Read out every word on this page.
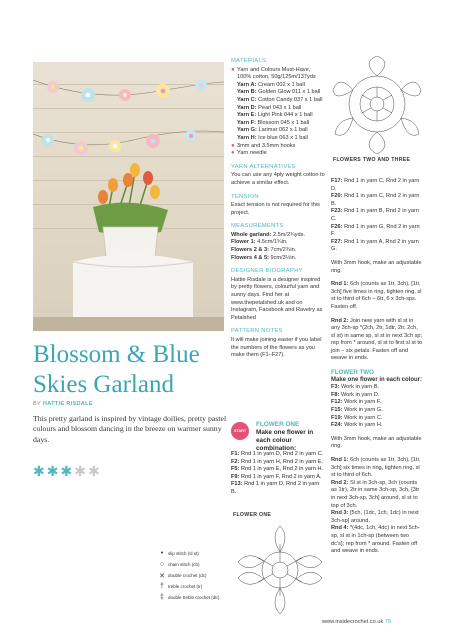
Blossom & Blue Skies Garland
BY HATTIE RISDALE
This pretty garland is inspired by vintage doilies, pretty pastel colours and blossom dancing in the breeze on warmer sunny days.
✱✱✱✱✱
•	slip stitch (sl st)
○ chain stitch (ch)
✕ double crochet (dc)
† treble crochet (tr)
‡ double treble crochet (dtr)
MATERIALS
● Yarn and Colours Must-Have, 100% cotton, 50g/125m/137yds
Yarn A: Cream 002 x 1 ball
Yarn B: Golden Glow 011 x 1 ball
Yarn C: Cotton Candy 037 x 1 ball
Yarn D: Pearl 043 x 1 ball
Yarn E: Light Pink 044 x 1 ball
Yarn F: Blossom 045 x 1 ball
Yarn G: Larimar 062 x 1 ball
Yarn H: Ice blue 063 x 1 ball
● 3mm and 3.5mm hooks
● Yarn needle
YARN ALTERNATIVES

You can use any 4ply weight cotton to achieve a similar effect.

TENSION

Exact tension is not required for this project.

MEASUREMENTS
Whole garland: 2.5m/2¾yds.
Flower 1: 4.5cm/1¾in.
Flowers 2 & 3: 7cm/2¾in.
Flowers 4 & 5: 9cm/3½in.
DESIGNER BIOGRAPHY

Hattie Risdale is a designer inspired by pretty flowers, colourful yarn and sunny days. Find her at www.thepetalshed.uk and on Instagram, Facebook and Ravelry as Petalshed

PATTERN NOTES

It will make joining easier if you label the numbers of the flowers as you make them (F1–F27).

START
FLOWER ONE
Make one flower in each colour combination:
F1: Rnd 1 in yarn D, Rnd 2 in yarn C.
F2: Rnd 1 in yarn H, Rnd 2 in yarn E.
F5: Rnd 1 in yarn E, Rnd 2 in yarn H.
F9: Rnd 1 in yarn F, Rnd 2 in yarn A.
F13: Rnd 1 in yarn D, Rnd 2 in yarn B.
FLOWER ONE
FLOWERS TWO AND THREE
F17: Rnd 1 in yarn C, Rnd 2 in yarn D.
F20: Rnd 1 in yarn C, Rnd 2 in yarn B.
F23: Rnd 1 in yarn B, Rnd 2 in yarn C.
F26: Rnd 1 in yarn G, Rnd 2 in yarn F.
F27: Rnd 1 in yarn A, Rnd 2 in yarn G.

With 3mm hook, make an adjustable ring.

Rnd 1: 6ch (counts as 1tr, 3ch), [1tr, 3ch] five times in ring, tighten ring, sl st to third of 6ch – 6tr, 6 x 3ch-sps. Fasten off.

Rnd 2: Join new yarn with sl st in any 3ch-sp *(2ch, 2tr, 1dtr, 2tr, 2ch, sl st) in same sp, sl st in next 3ch sp; rep from * around, sl st to first sl st to join – six petals. Fasten off and weave in ends.

FLOWER TWO
Make one flower in each colour:
F3: Work in yarn B.
F8: Work in yarn D.
F12: Work in yarn F.
F15: Work in yarn G.
F19: Work in yarn C.
F24: Work in yarn H.

With 3mm hook, make an adjustable ring.

Rnd 1: 6ch (counts as 1tr, 3ch), [1tr, 3ch] six times in ring, tighten ring, sl st to third of 6ch.
Rnd 2: Sl st in 3ch-sp, 3ch (counts as 1tr), 2tr in same 3ch-sp, 3ch, [3tr in next 3ch-sp, 3ch] around, sl st to top of 3ch.
Rnd 3: [5ch, (1dc, 1ch, 1dc) in next 3ch-sp] around.
Rnd 4: *(4dc, 1ch, 4dc) in next 5ch-sp, sl st in 1ch-sp (between two dc's); rep from * around. Fasten off and weave in ends.
www.insidecrochet.co.uk 79
